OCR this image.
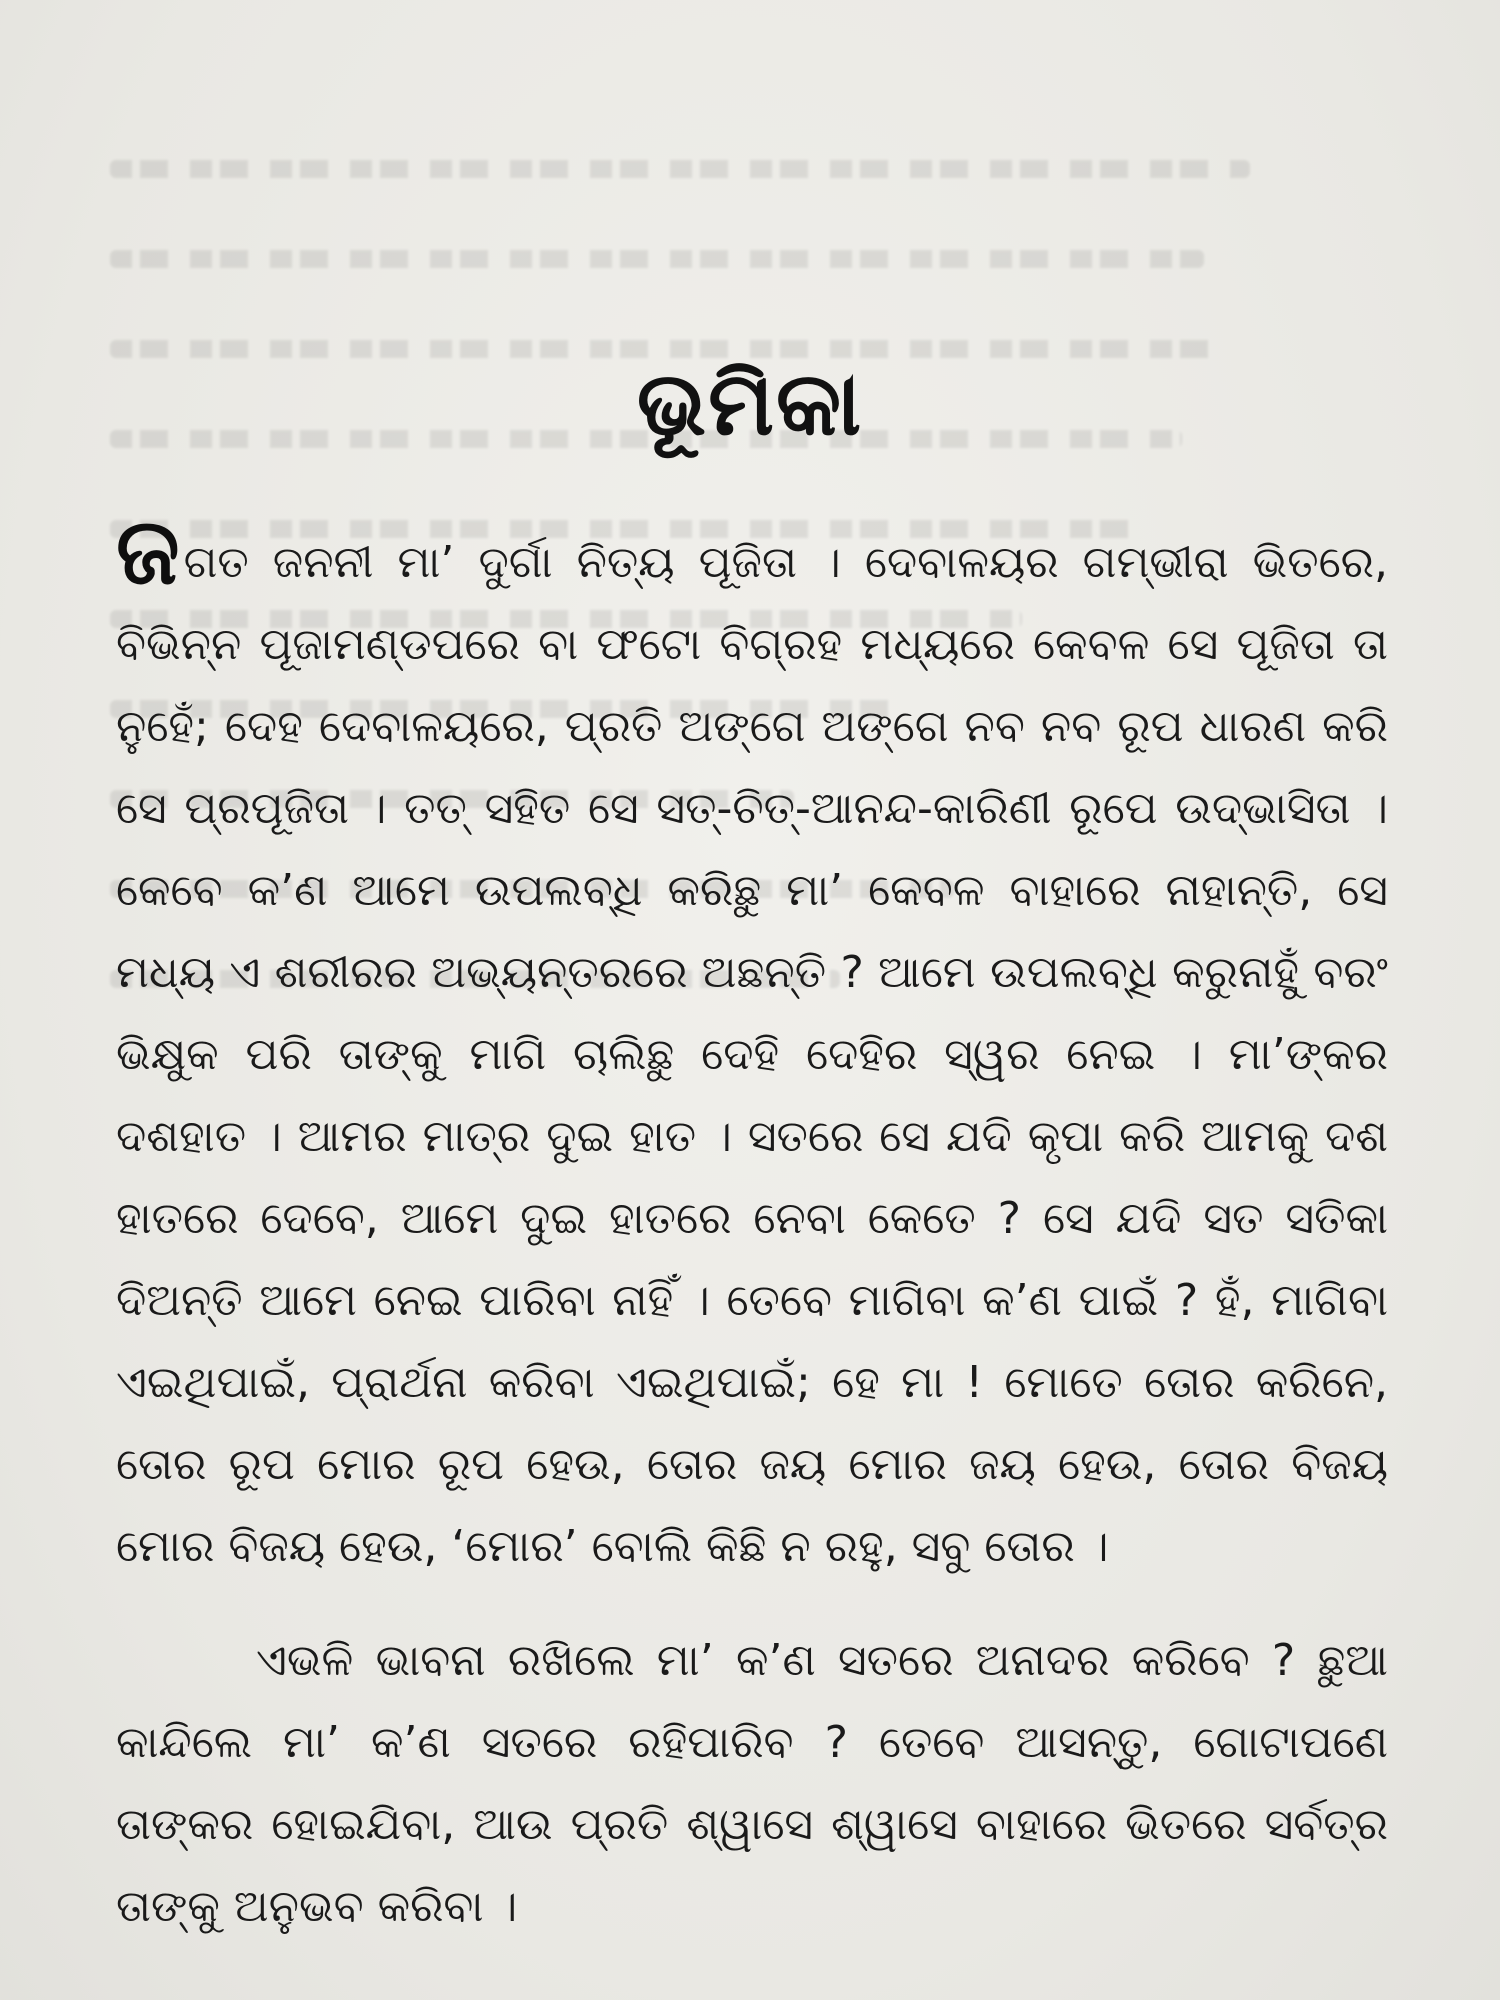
ଭୂମିକା
ଜଗତ ଜନନୀ ମା’ ଦୁର୍ଗା ନିତ୍ୟ ପୂଜିତା । ଦେବାଳୟର ଗମ୍ଭୀରା ଭିତରେ, ବିଭିନ୍ନ ପୂଜାମଣ୍ଡପରେ ବା ଫଟୋ ବିଗ୍ରହ ମଧ୍ୟରେ କେବଳ ସେ ପୂଜିତା ତା ନୁହେଁ; ଦେହ ଦେବାଳୟରେ, ପ୍ରତି ଅଙ୍ଗେ ଅଙ୍ଗେ ନବ ନବ ରୂପ ଧାରଣ କରି ସେ ପ୍ରପୂଜିତା । ତତ୍ ସହିତ ସେ ସତ୍-ଚିତ୍-ଆନନ୍ଦ-କାରିଣୀ ରୂପେ ଉଦ୍‌ଭାସିତା । କେବେ କ’ଣ ଆମେ ଉପଲବ୍ଧି କରିଛୁ ମା’ କେବଳ ବାହାରେ ନାହାନ୍ତି, ସେ ମଧ୍ୟ ଏ ଶରୀରର ଅଭ୍ୟନ୍ତରରେ ଅଛନ୍ତି ? ଆମେ ଉପଲବ୍ଧି କରୁନାହୁଁ ବରଂ ଭିକ୍ଷୁକ ପରି ତାଙ୍କୁ ମାଗି ଚାଲିଛୁ ଦେହି ଦେହିର ସ୍ୱର ନେଇ । ମା’ଙ୍କର ଦଶହାତ । ଆମର ମାତ୍ର ଦୁଇ ହାତ । ସତରେ ସେ ଯଦି କୃପା କରି ଆମକୁ ଦଶ ହାତରେ ଦେବେ, ଆମେ ଦୁଇ ହାତରେ ନେବା କେତେ ? ସେ ଯଦି ସତ ସତିକା ଦିଅନ୍ତି ଆମେ ନେଇ ପାରିବା ନାହିଁ । ତେବେ ମାଗିବା କ’ଣ ପାଇଁ ? ହଁ, ମାଗିବା ଏଇଥିପାଇଁ, ପ୍ରାର୍ଥନା କରିବା ଏଇଥିପାଇଁ; ହେ ମା ! ମୋତେ ତୋର କରିନେ, ତୋର ରୂପ ମୋର ରୂପ ହେଉ, ତୋର ଜୟ ମୋର ଜୟ ହେଉ, ତୋର ବିଜୟ ମୋର ବିଜୟ ହେଉ, ‘ମୋର’ ବୋଲି କିଛି ନ ରହୁ, ସବୁ ତୋର ।
ଏଭଳି ଭାବନା ରଖିଲେ ମା’ କ’ଣ ସତରେ ଅନାଦର କରିବେ ? ଛୁଆ କାନ୍ଦିଲେ ମା’ କ’ଣ ସତରେ ରହିପାରିବ ? ତେବେ ଆସନ୍ତୁ, ଗୋଟାପଣେ ତାଙ୍କର ହୋଇଯିବା, ଆଉ ପ୍ରତି ଶ୍ୱାସେ ଶ୍ୱାସେ ବାହାରେ ଭିତରେ ସର୍ବତ୍ର ତାଙ୍କୁ ଅନୁଭବ କରିବା ।
